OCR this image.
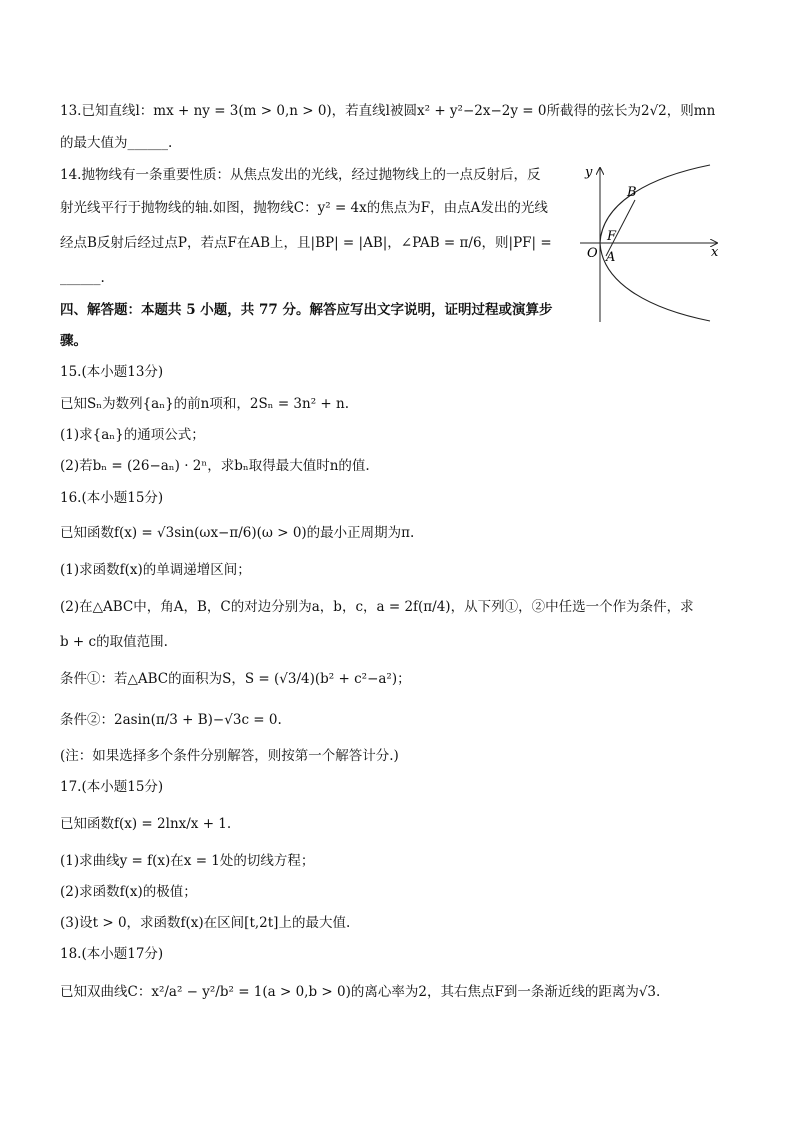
13.已知直线l：mx + ny = 3(m > 0,n > 0)，若直线l被圆x² + y²−2x−2y = 0所截得的弦长为2√2，则mn
的最大值为______.
14.抛物线有一条重要性质：从焦点发出的光线，经过抛物线上的一点反射后，反
射光线平行于抛物线的轴.如图，抛物线C：y² = 4x的焦点为F，由点A发出的光线
经点B反射后经过点P，若点F在AB上，且|BP| = |AB|，∠PAB = π/6，则|PF| =
______.
y
x
B
F
O A
四、解答题：本题共 5 小题，共 77 分。解答应写出文字说明，证明过程或演算步
骤。
15.(本小题13分)
已知Sₙ为数列{aₙ}的前n项和，2Sₙ = 3n² + n.
(1)求{aₙ}的通项公式；
(2)若bₙ = (26−aₙ) · 2ⁿ，求bₙ取得最大值时n的值.
16.(本小题15分)
已知函数f(x) = √3sin(ωx−π/6)(ω > 0)的最小正周期为π.
(1)求函数f(x)的单调递增区间；
(2)在△ABC中，角A，B，C的对边分别为a，b，c，a = 2f(π/4)，从下列①，②中任选一个作为条件，求
b + c的取值范围.
条件①：若△ABC的面积为S，S = (√3/4)(b² + c²−a²)；
条件②：2asin(π/3 + B)−√3c = 0.
(注：如果选择多个条件分别解答，则按第一个解答计分.)
17.(本小题15分)
已知函数f(x) = 2lnx/x + 1.
(1)求曲线y = f(x)在x = 1处的切线方程；
(2)求函数f(x)的极值；
(3)设t > 0，求函数f(x)在区间[t,2t]上的最大值.
18.(本小题17分)
已知双曲线C：x²/a² − y²/b² = 1(a > 0,b > 0)的离心率为2，其右焦点F到一条渐近线的距离为√3.
